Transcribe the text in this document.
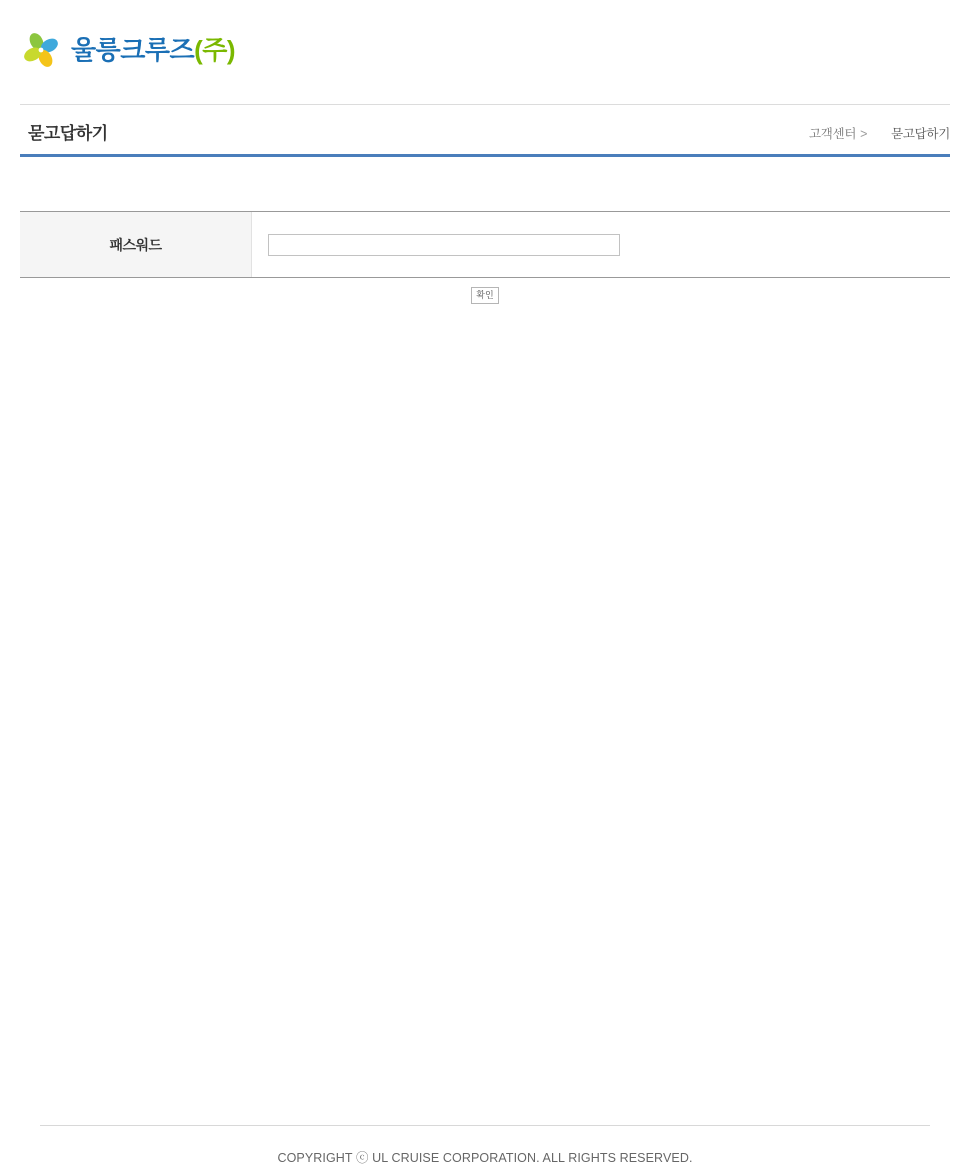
울릉크루즈(주)
묻고답하기	고객센터 > 묻고답하기
패스워드
확인
COPYRIGHT ⓒ UL CRUISE CORPORATION. ALL RIGHTS RESERVED.
